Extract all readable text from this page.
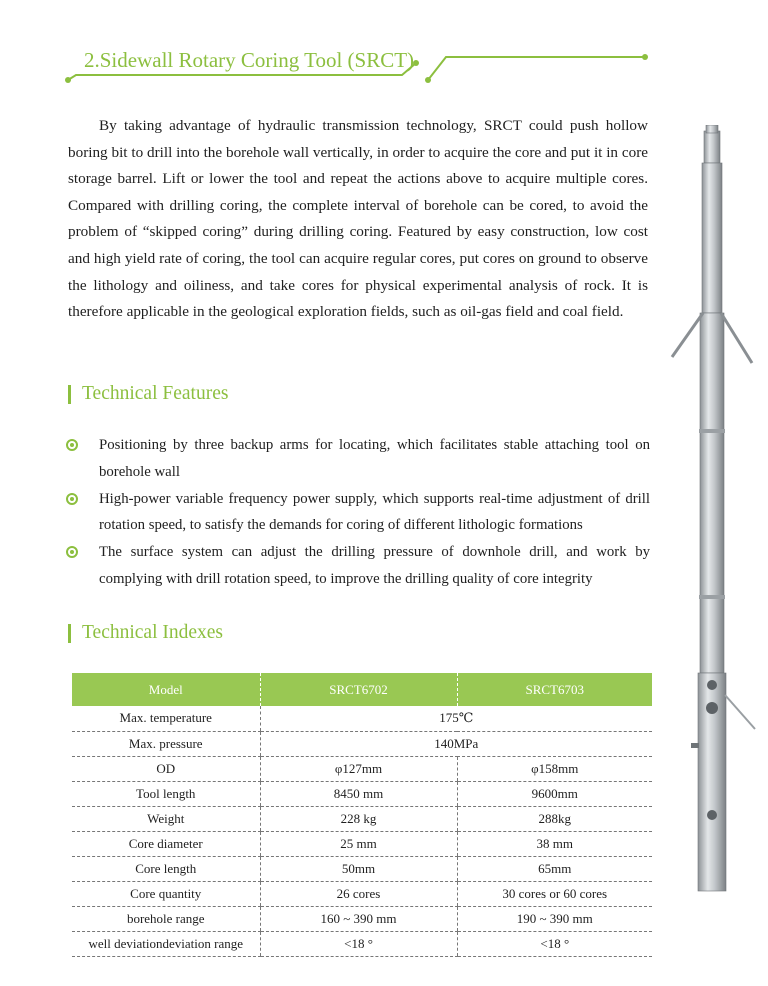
2.Sidewall Rotary Coring Tool (SRCT)

By taking advantage of hydraulic transmission technology, SRCT could push hollow boring bit to drill into the borehole wall vertically, in order to acquire the core and put it in core storage barrel. Lift or lower the tool and repeat the actions above to acquire multiple cores. Compared with drilling coring, the complete interval of borehole can be cored, to avoid the problem of “skipped coring” during drilling coring. Featured by easy construction, low cost and high yield rate of coring, the tool can acquire regular cores, put cores on ground to observe the lithology and oiliness, and take cores for physical experimental analysis of rock. It is therefore applicable in the geological exploration fields, such as oil-gas field and coal field.

Technical Features
Positioning by three backup arms for locating, which facilitates stable attaching tool on borehole wall
High-power variable frequency power supply, which supports real-time adjustment of drill rotation speed, to satisfy the demands for coring of different lithologic formations
The surface system can adjust the drilling pressure of downhole drill, and work by complying with drill rotation speed, to improve the drilling quality of core integrity
Technical Indexes
Model	SRCT6702	SRCT6703
Max. temperature	175℃	
Max. pressure	140MPa	
OD	φ127mm	φ158mm
Tool length	8450 mm	9600mm
Weight	228 kg	288kg
Core diameter	25 mm	38 mm
Core length	50mm	65mm
Core quantity	26 cores	30 cores or 60 cores
borehole range	160 ~ 390 mm	190 ~ 390 mm
well deviationdeviation range	<18 °	<18 °
